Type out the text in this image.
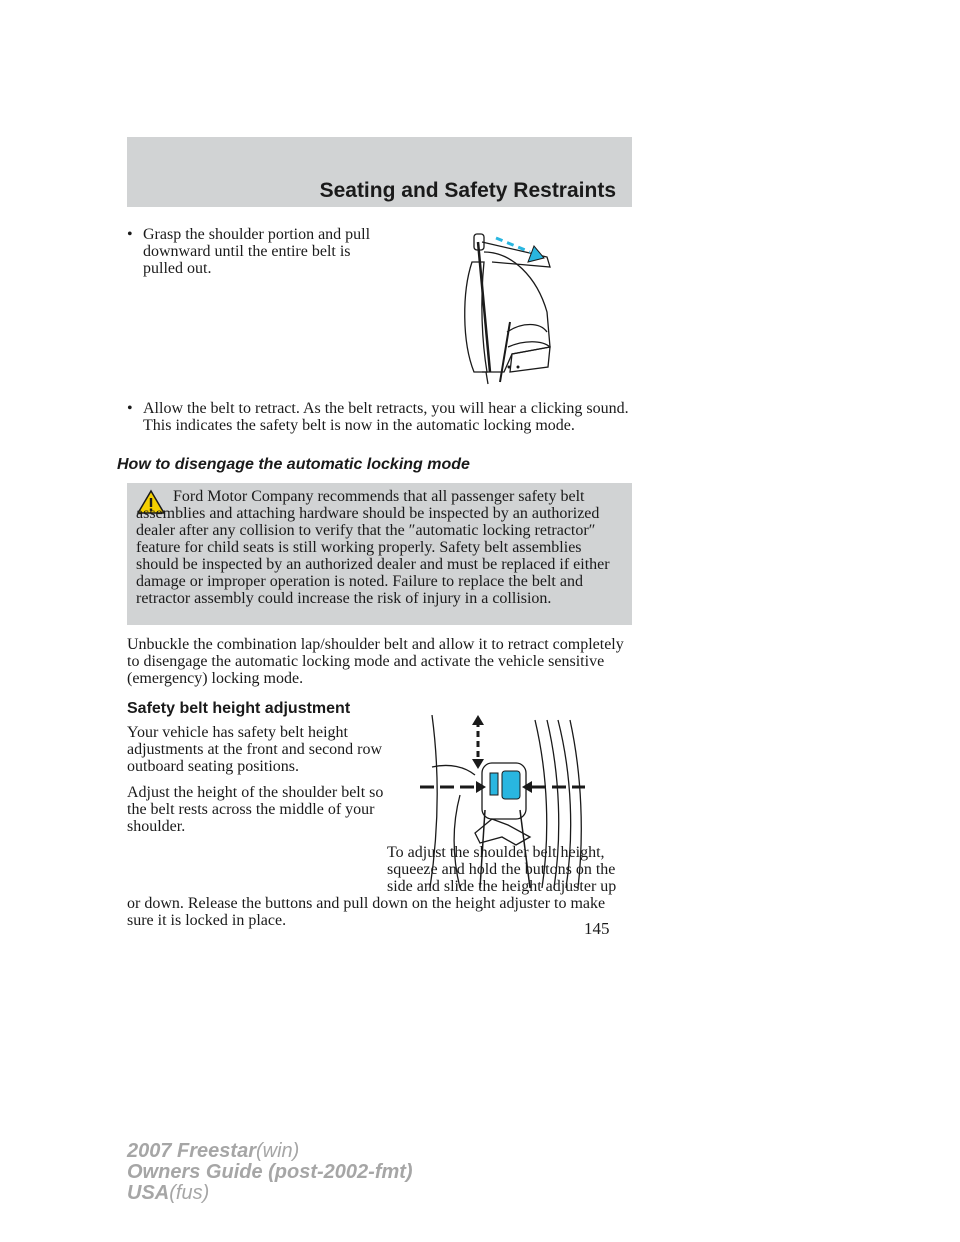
Seating and Safety Restraints
• Grasp the shoulder portion and pull downward until the entire belt is pulled out.
• Allow the belt to retract. As the belt retracts, you will hear a clicking sound. This indicates the safety belt is now in the automatic locking mode.
How to disengage the automatic locking mode
Ford Motor Company recommends that all passenger safety belt assemblies and attaching hardware should be inspected by an authorized dealer after any collision to verify that the ″automatic locking retractor″ feature for child seats is still working properly. Safety belt assemblies should be inspected by an authorized dealer and must be replaced if either damage or improper operation is noted. Failure to replace the belt and retractor assembly could increase the risk of injury in a collision.
Unbuckle the combination lap/shoulder belt and allow it to retract completely to disengage the automatic locking mode and activate the vehicle sensitive (emergency) locking mode.
Safety belt height adjustment
Your vehicle has safety belt height adjustments at the front and second row outboard seating positions.
Adjust the height of the shoulder belt so the belt rests across the middle of your shoulder.
To adjust the shoulder belt height, squeeze and hold the buttons on the side and slide the height adjuster up or down. Release the buttons and pull down on the height adjuster to make sure it is locked in place.	145
2007 Freestar(win)
Owners Guide (post-2002-fmt)
USA(fus)
